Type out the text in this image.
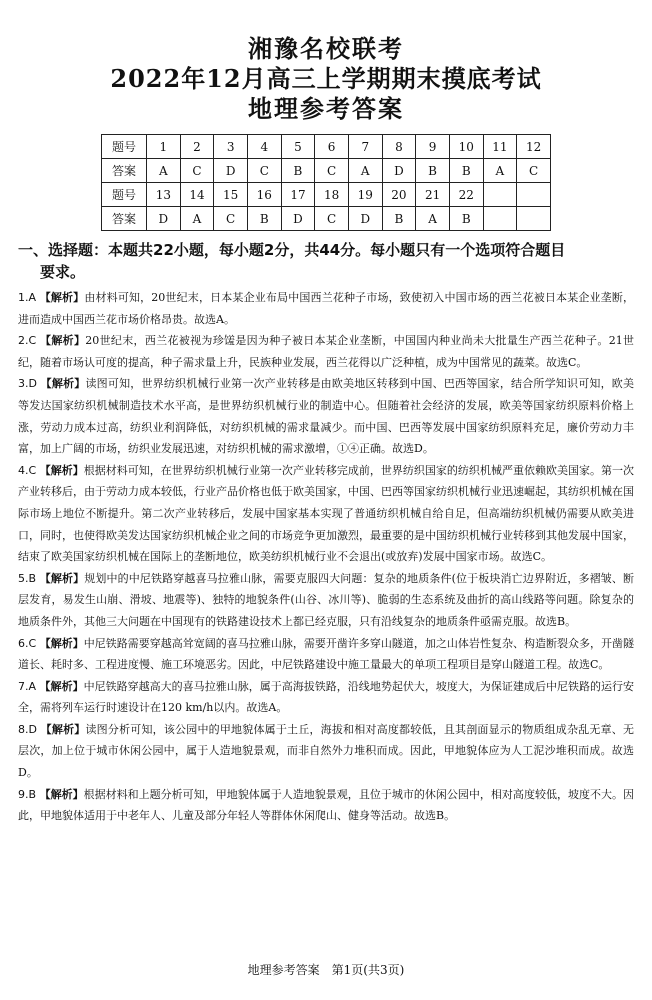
湘豫名校联考
2022年12月高三上学期期末摸底考试
地理参考答案
题号	1	2	3	4	5	6	7	8	9	10	11	12
答案	A	C	D	C	B	C	A	D	B	B	A	C
题号	13	14	15	16	17	18	19	20	21	22		
答案	D	A	C	B	D	C	D	B	A	B		
一、选择题：本题共22小题，每小题2分，共44分。每小题只有一个选项符合题目
要求。

1.A 【解析】由材料可知，20世纪末，日本某企业布局中国西兰花种子市场，致使初入中国市场的西兰花被日本某企业垄断，进而造成中国西兰花市场价格昂贵。故选A。

2.C 【解析】20世纪末，西兰花被视为珍馐是因为种子被日本某企业垄断，中国国内种业尚未大批量生产西兰花种子。21世纪，随着市场认可度的提高，种子需求量上升，民族种业发展，西兰花得以广泛种植，成为中国常见的蔬菜。故选C。

3.D 【解析】读图可知，世界纺织机械行业第一次产业转移是由欧美地区转移到中国、巴西等国家，结合所学知识可知，欧美等发达国家纺织机械制造技术水平高，是世界纺织机械行业的制造中心。但随着社会经济的发展，欧美等国家纺织原料价格上涨，劳动力成本过高，纺织业利润降低，对纺织机械的需求量减少。而中国、巴西等发展中国家纺织原料充足，廉价劳动力丰富，加上广阔的市场，纺织业发展迅速，对纺织机械的需求激增，①④正确。故选D。

4.C 【解析】根据材料可知，在世界纺织机械行业第一次产业转移完成前，世界纺织国家的纺织机械严重依赖欧美国家。第一次产业转移后，由于劳动力成本较低，行业产品价格也低于欧美国家，中国、巴西等国家纺织机械行业迅速崛起，其纺织机械在国际市场上地位不断提升。第二次产业转移后，发展中国家基本实现了普通纺织机械自给自足，但高端纺织机械仍需要从欧美进口，同时，也使得欧美发达国家纺织机械企业之间的市场竞争更加激烈，最重要的是中国纺织机械行业转移到其他发展中国家，结束了欧美国家纺织机械在国际上的垄断地位，欧美纺织机械行业不会退出(或放弃)发展中国家市场。故选C。

5.B 【解析】规划中的中尼铁路穿越喜马拉雅山脉，需要克服四大问题：复杂的地质条件(位于板块消亡边界附近，多褶皱、断层发育，易发生山崩、滑坡、地震等)、独特的地貌条件(山谷、冰川等)、脆弱的生态系统及曲折的高山线路等问题。除复杂的地质条件外，其他三大问题在中国现有的铁路建设技术上都已经克服，只有沿线复杂的地质条件亟需克服。故选B。

6.C 【解析】中尼铁路需要穿越高耸宽阔的喜马拉雅山脉，需要开凿许多穿山隧道，加之山体岩性复杂、构造断裂众多，开凿隧道长、耗时多、工程进度慢、施工环境恶劣。因此，中尼铁路建设中施工量最大的单项工程项目是穿山隧道工程。故选C。

7.A 【解析】中尼铁路穿越高大的喜马拉雅山脉，属于高海拔铁路，沿线地势起伏大，坡度大，为保证建成后中尼铁路的运行安全，需将列车运行时速设计在120 km/h以内。故选A。

8.D 【解析】读图分析可知，该公园中的甲地貌体属于土丘，海拔和相对高度都较低，且其剖面显示的物质组成杂乱无章、无层次，加上位于城市休闲公园中，属于人造地貌景观，而非自然外力堆积而成。因此，甲地貌体应为人工泥沙堆积而成。故选D。

9.B 【解析】根据材料和上题分析可知，甲地貌体属于人造地貌景观，且位于城市的休闲公园中，相对高度较低，坡度不大。因此，甲地貌体适用于中老年人、儿童及部分年轻人等群体休闲爬山、健身等活动。故选B。

地理参考答案　第1页(共3页)
